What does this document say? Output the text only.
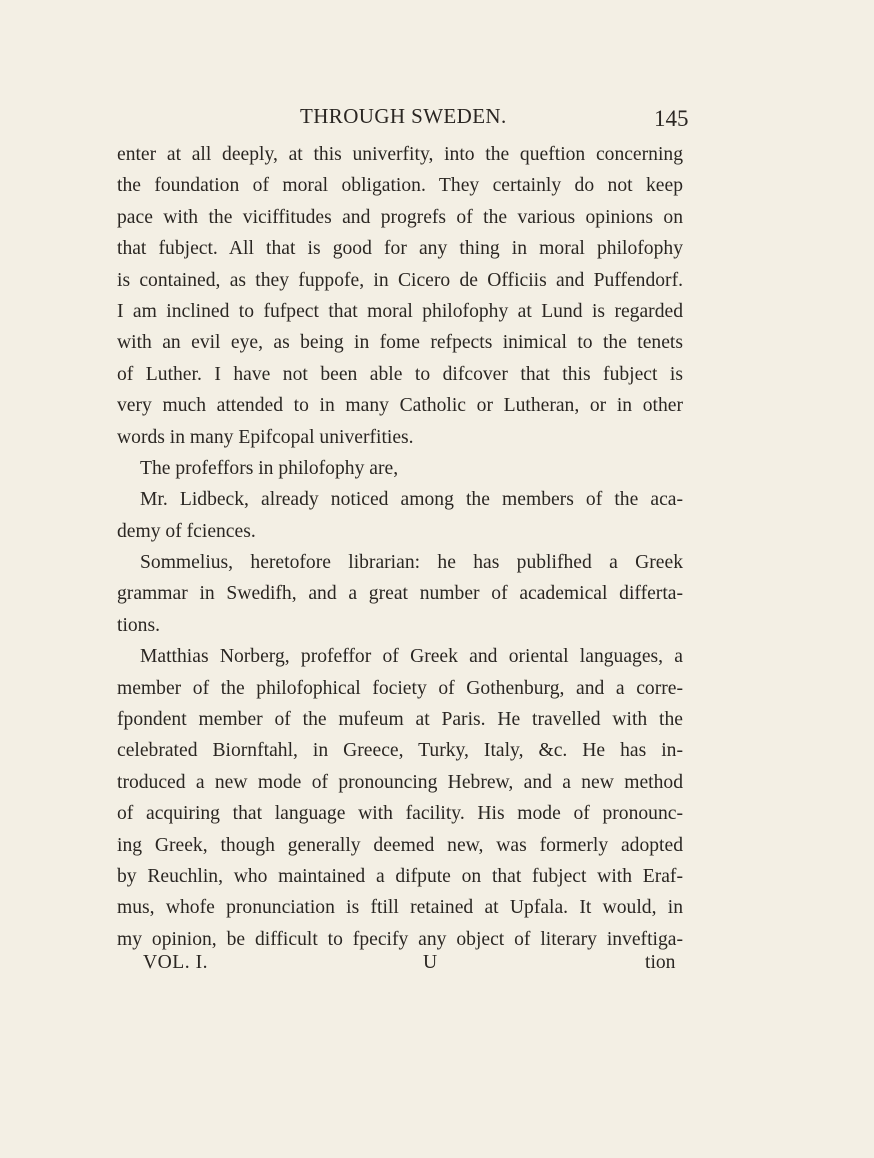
THROUGH SWEDEN.	145
enter at all deeply, at this univerfity, into the queftion concerning
the foundation of moral obligation. They certainly do not keep
pace with the viciffitudes and progrefs of the various opinions on
that fubject. All that is good for any thing in moral philofophy
is contained, as they fuppofe, in Cicero de Officiis and Puffendorf.
I am inclined to fufpect that moral philofophy at Lund is regarded
with an evil eye, as being in fome refpects inimical to the tenets
of Luther. I have not been able to difcover that this fubject is
very much attended to in many Catholic or Lutheran, or in other
words in many Epifcopal univerfities.
The profeffors in philofophy are,
Mr. Lidbeck, already noticed among the members of the aca-
demy of fciences.
Sommelius, heretofore librarian: he has publifhed a Greek
grammar in Swedifh, and a great number of academical differta-
tions.
Matthias Norberg, profeffor of Greek and oriental languages, a
member of the philofophical fociety of Gothenburg, and a corre-
fpondent member of the mufeum at Paris. He travelled with the
celebrated Biornftahl, in Greece, Turky, Italy, &c. He has in-
troduced a new mode of pronouncing Hebrew, and a new method
of acquiring that language with facility. His mode of pronounc-
ing Greek, though generally deemed new, was formerly adopted
by Reuchlin, who maintained a difpute on that fubject with Eraf-
mus, whofe pronunciation is ftill retained at Upfala. It would, in
my opinion, be difficult to fpecify any object of literary inveftiga-
VOL. I.	U	tion
